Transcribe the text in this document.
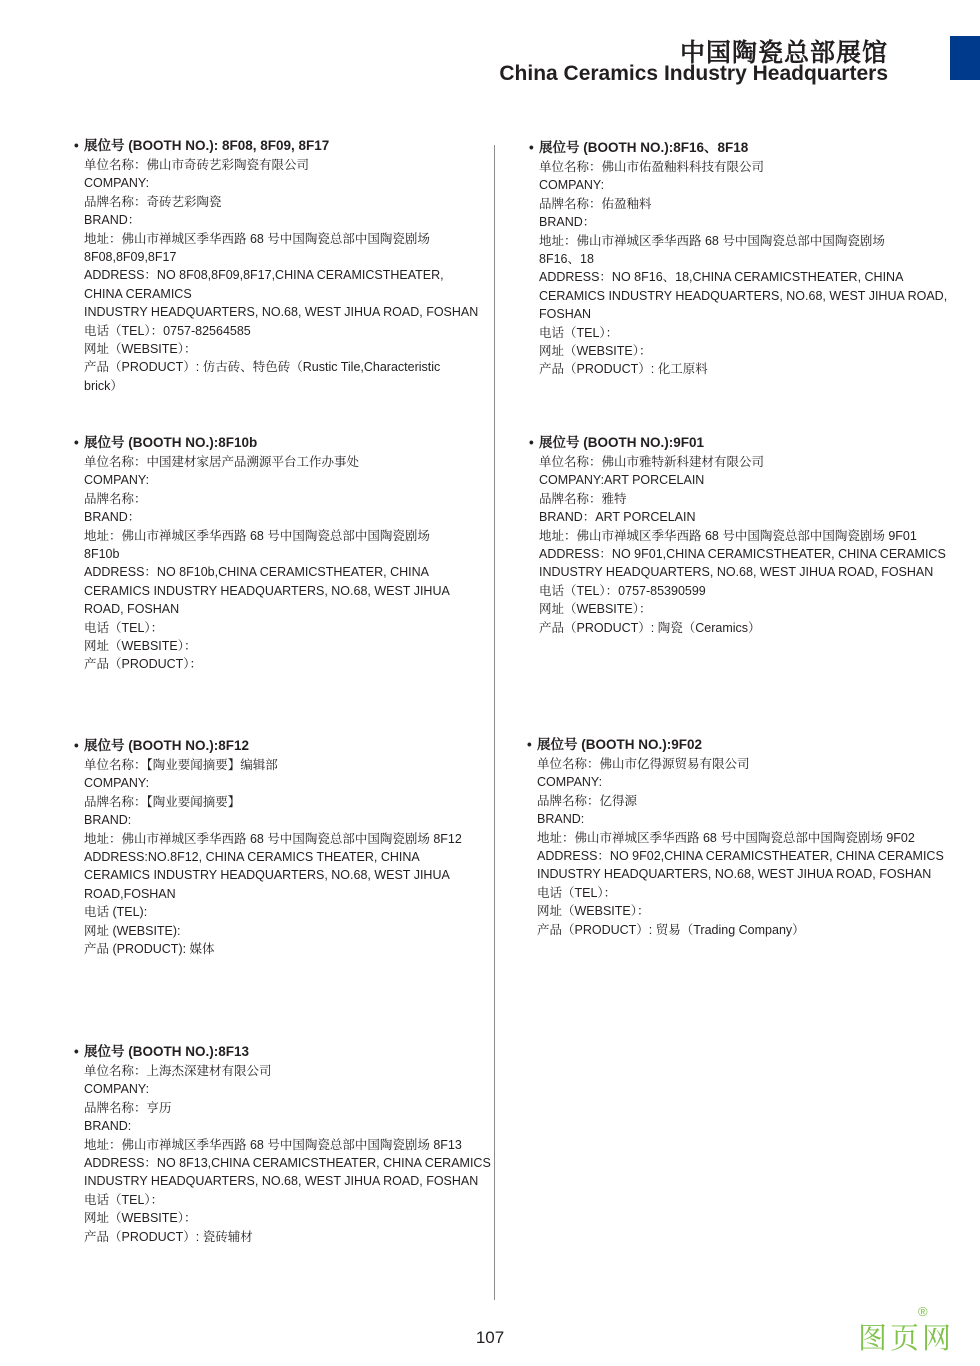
中国陶瓷总部展馆
China Ceramics Industry Headquarters
• 展位号 (BOOTH NO.): 8F08, 8F09, 8F17
单位名称：佛山市奇砖艺彩陶瓷有限公司
COMPANY:
品牌名称：奇砖艺彩陶瓷
BRAND：
地址：佛山市禅城区季华西路 68 号中国陶瓷总部中国陶瓷剧场
8F08,8F09,8F17
ADDRESS：NO 8F08,8F09,8F17,CHINA CERAMICSTHEATER,
CHINA CERAMICS
INDUSTRY HEADQUARTERS, NO.68, WEST JIHUA ROAD, FOSHAN
电话（TEL）：0757-82564585
网址（WEBSITE）：
产品（PRODUCT）: 仿古砖、特色砖（Rustic Tile,Characteristic
brick）
• 展位号 (BOOTH NO.):8F10b
单位名称：中国建材家居产品溯源平台工作办事处
COMPANY:
品牌名称：
BRAND：
地址：佛山市禅城区季华西路 68 号中国陶瓷总部中国陶瓷剧场
8F10b
ADDRESS：NO 8F10b,CHINA CERAMICSTHEATER, CHINA
CERAMICS INDUSTRY HEADQUARTERS, NO.68, WEST JIHUA
ROAD, FOSHAN
电话（TEL）：
网址（WEBSITE）：
产品（PRODUCT）：
• 展位号 (BOOTH NO.):8F12
单位名称：【陶业要闻摘要】编辑部
COMPANY:
品牌名称：【陶业要闻摘要】
BRAND:
地址：佛山市禅城区季华西路 68 号中国陶瓷总部中国陶瓷剧场 8F12
ADDRESS:NO.8F12, CHINA CERAMICS THEATER, CHINA
CERAMICS INDUSTRY HEADQUARTERS, NO.68, WEST JIHUA
ROAD,FOSHAN
电话 (TEL):
网址 (WEBSITE):
产品 (PRODUCT): 媒体
• 展位号 (BOOTH NO.):8F13
单位名称：上海杰深建材有限公司
COMPANY:
品牌名称：亨历
BRAND:
地址：佛山市禅城区季华西路 68 号中国陶瓷总部中国陶瓷剧场 8F13
ADDRESS：NO 8F13,CHINA CERAMICSTHEATER, CHINA CERAMICS
INDUSTRY HEADQUARTERS, NO.68, WEST JIHUA ROAD, FOSHAN
电话（TEL）：
网址（WEBSITE）：
产品（PRODUCT）: 瓷砖辅材
• 展位号 (BOOTH NO.):8F16、8F18
单位名称：佛山市佑盈釉料科技有限公司
COMPANY:
品牌名称：佑盈釉料
BRAND：
地址：佛山市禅城区季华西路 68 号中国陶瓷总部中国陶瓷剧场
8F16、18
ADDRESS：NO 8F16、18,CHINA CERAMICSTHEATER, CHINA
CERAMICS INDUSTRY HEADQUARTERS, NO.68, WEST JIHUA ROAD,
FOSHAN
电话（TEL）：
网址（WEBSITE）：
产品（PRODUCT）: 化工原料
• 展位号 (BOOTH NO.):9F01
单位名称：佛山市雅特新科建材有限公司
COMPANY:ART PORCELAIN
品牌名称：雅特
BRAND：ART PORCELAIN
地址：佛山市禅城区季华西路 68 号中国陶瓷总部中国陶瓷剧场 9F01
ADDRESS：NO 9F01,CHINA CERAMICSTHEATER, CHINA CERAMICS
INDUSTRY HEADQUARTERS, NO.68, WEST JIHUA ROAD, FOSHAN
电话（TEL）：0757-85390599
网址（WEBSITE）：
产品（PRODUCT）: 陶瓷（Ceramics）
• 展位号 (BOOTH NO.):9F02
单位名称：佛山市亿得源贸易有限公司
COMPANY:
品牌名称：亿得源
BRAND:
地址：佛山市禅城区季华西路 68 号中国陶瓷总部中国陶瓷剧场 9F02
ADDRESS：NO 9F02,CHINA CERAMICSTHEATER, CHINA CERAMICS
INDUSTRY HEADQUARTERS, NO.68, WEST JIHUA ROAD, FOSHAN
电话（TEL）：
网址（WEBSITE）：
产品（PRODUCT）: 贸易（Trading Company）
107	图页网
®
